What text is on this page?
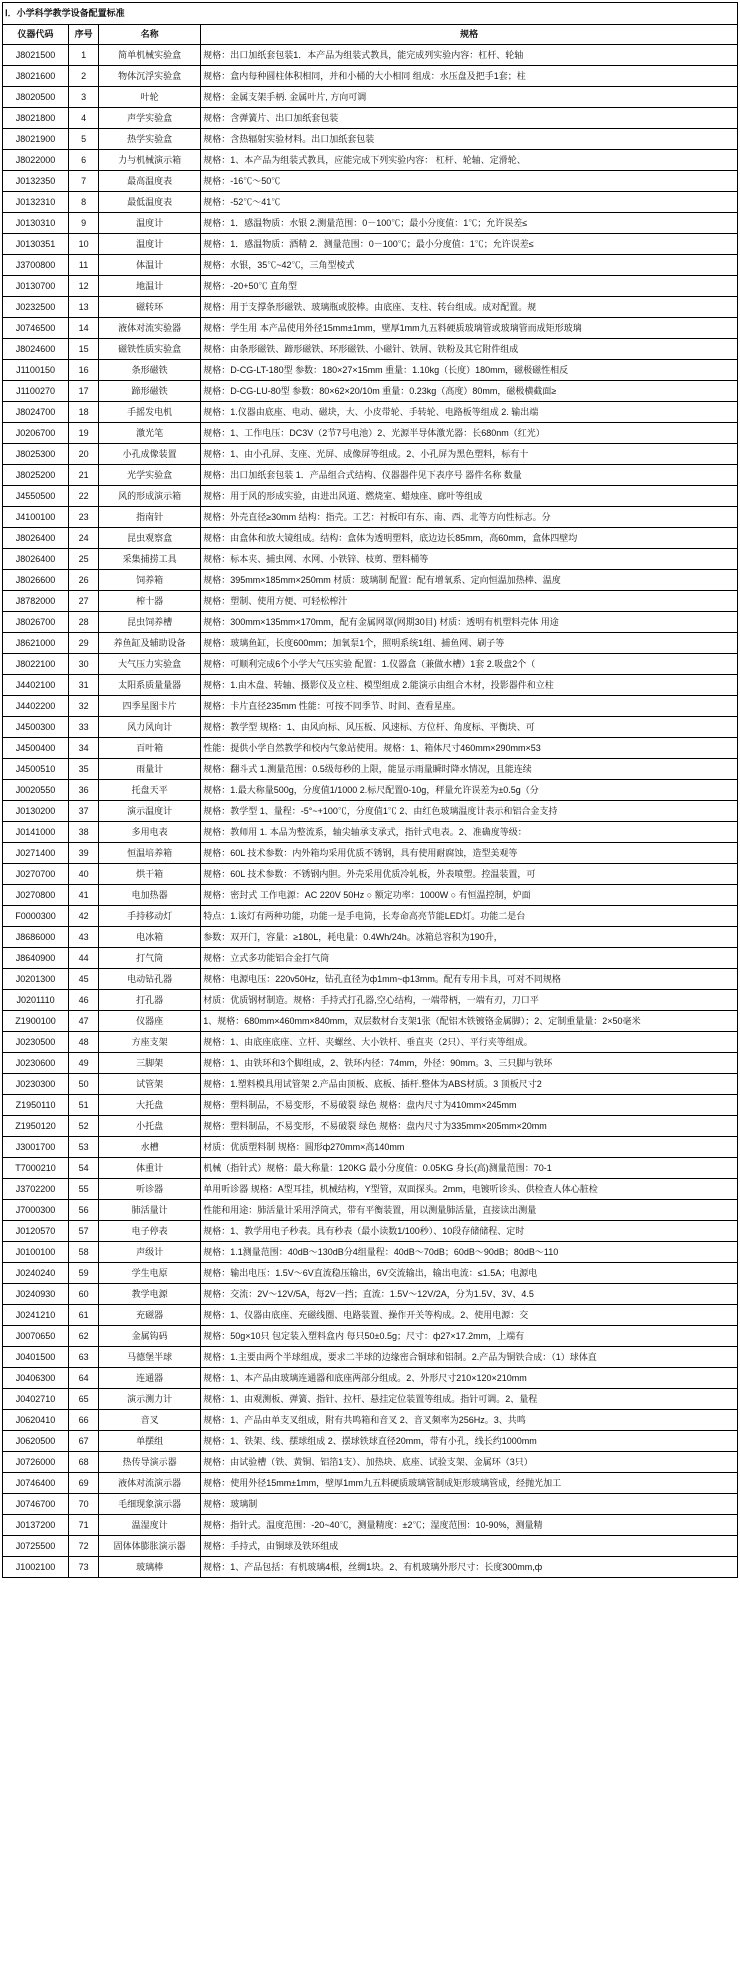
Ⅰ．小学科学教学设备配置标准			
仪器代码	序号	名称	规格
J8021500	1	简单机械实验盒	规格：出口加纸套包装1．本产品为组装式教具，能完成列实验内容：杠杆、轮轴
J8021600	2	物体沉浮实验盒	规格：盒内每种圆柱体积相同，并和小桶的大小相同 组成：水压盘及把手1套；柱
J8020500	3	叶轮	规格：金属支架手柄. 金属叶片, 方向可调
J8021800	4	声学实验盒	规格：含弹簧片、出口加纸套包装
J8021900	5	热学实验盒	规格：含热辐射实验材料。出口加纸套包装
J8022000	6	力与机械演示箱	规格：1、本产品为组装式教具，应能完成下列实验内容： 杠杆、轮轴、定滑轮、
J0132350	7	最高温度表	规格：-16℃～50℃
J0132310	8	最低温度表	规格：-52℃～41℃
J0130310	9	温度计	规格：1．感温物质：水银 2.测量范围：0－100℃；最小分度值：1℃；允许误差≤
J0130351	10	温度计	规格：1．感温物质：酒精 2．测量范围：0－100℃；最小分度值：1℃；允许误差≤
J3700800	11	体温计	规格：水银，35℃~42℃，三角型棱式
J0130700	12	地温计	规格：-20+50℃ 直角型
J0232500	13	磁转环	规格：用于支撑条形磁铁、玻璃瓶或胶棒。由底座、支柱、转台组成。成对配置。规
J0746500	14	液体对流实验器	规格：学生用 本产品使用外径15mm±1mm，壁厚1mm九五料硬质玻璃管或玻璃管而成矩形玻璃
J8024600	15	磁铁性质实验盒	规格：由条形磁铁、蹄形磁铁、环形磁铁、小磁针、铁屑、铁粉及其它附件组成
J1100150	16	条形磁铁	规格：D-CG-LT-180型 参数：180×27×15mm 重量：1.10kg（长度）180mm，磁极磁性相反
J1100270	17	蹄形磁铁	规格：D-CG-LU-80型 参数：80×62×20/10m 重量：0.23kg（高度）80mm，磁极横截面≥
J8024700	18	手摇发电机	规格：1.仪器由底座、电动、磁块，大、小皮带轮、手转轮、电路板等组成 2. 输出端
J0206700	19	激光笔	规格：1、工作电压：DC3V（2节7号电池）2、光源半导体激光器：长680nm（红光）
J8025300	20	小孔成像装置	规格：1、由小孔屏、支座、光屏、成像屏等组成。2、小孔屏为黑色塑料，标有十
J8025200	21	光学实验盒	规格：出口加纸套包装 1．产品组合式结构、仪器器件见下表序号 器件名称 数量
J4550500	22	风的形成演示箱	规格：用于风的形成实验，由进出风道、燃烧室、蜡烛座、廊叶等组成
J4100100	23	指南针	规格：外壳直径≥30mm 结构：指壳。工艺：衬板印有东、南、西、北等方向性标志。分
J8026400	24	昆虫观察盒	规格：由盒体和放大镜组成。结构：盒体为透明塑料，底边边长85mm，高60mm，盒体四壁均
J8026400	25	采集捕捞工具	规格：标本夹、捕虫网、水网、小铁锌、枝剪、塑料桶等
J8026600	26	饲养箱	规格：395mm×185mm×250mm 材质：玻璃制 配置：配有增氧系、定向恒温加热棒、温度
J8782000	27	榨十器	规格：塑制、使用方便、可轻松榨汁
J8026700	28	昆虫饲养槽	规格：300mm×135mm×170mm，配有金属网罩(网期30目) 材质：透明有机塑料壳体 用途
J8621000	29	养鱼缸及辅助设备	规格：玻璃鱼缸，长度600mm；加氧泵1个，照明系统1组、捕鱼网、刷子等
J8022100	30	大气压力实验盒	规格：可顺利完成6个小学大气压实验 配置：1.仪器盒（兼做水槽）1套 2.吸盘2个（
J4402100	31	太阳系质量量器	规格：1.由木盘、转轴、摄影仪及立柱、模型组成 2.能演示由组合木材，投影器件和立柱
J4402200	32	四季星图卡片	规格：卡片直径235mm 性能：可按不同季节、时间、查看星座。
J4500300	33	风力风向计	规格：教学型 规格：1、由风向标、风压板、风速标、方位杆、角度标、平衡块、可
J4500400	34	百叶箱	性能：提供小学自然教学和校内气象站使用。规格：1、箱体尺寸460mm×290mm×53
J4500510	35	雨量计	规格：翻斗式 1.测量范围：0.5级每秒的上限，能显示雨量瞬时降水情况，且能连续
J0020550	36	托盘天平	规格：1.最大称量500g，分度值1/1000 2.标尺配置0-10g，秤量允许误差为±0.5g（分
J0130200	37	演示温度计	规格：教学型 1、量程：-5°~+100℃，分度值1℃ 2、由红色玻璃温度计表示和铝合金支持
J0141000	38	多用电表	规格：教师用 1. 本品为整流系，轴尖轴承支承式，指针式电表。2、准确度等级：
J0271400	39	恒温培养箱	规格：60L 技术参数：内外箱均采用优质不锈钢，具有使用耐腐蚀，造型美观等
J0270700	40	烘干箱	规格：60L 技术参数：不锈钢内胆。外壳采用优质冷轧板，外表喷塑。控温装置，可
J0270800	41	电加热器	规格：密封式 工作电源：AC 220V 50Hz ○ 额定功率：1000W ○ 有恒温控制，炉面
F0000300	42	手持移动灯	特点：1.该灯有两种功能，功能一是手电筒，长寿命高亮节能LED灯。功能二是台
J8686000	43	电冰箱	参数：双开门，容量：≥180L，耗电量：0.4Wh/24h。冰箱总容积为190升，
J8640900	44	打气筒	规格：立式多功能铝合金打气筒
J0201300	45	电动钻孔器	规格：电源电压：220v50Hz，钻孔直径为ф1mm~ф13mm。配有专用卡具，可对不同规格
J0201110	46	打孔器	材质：优质钢材制造。规格：手持式打孔器,空心结构，一端带柄，一端有刃，刀口平
Z1900100	47	仪器座	1、规格：680mm×460mm×840mm，双层数材台支架1张（配铝木铁镀铬金属脚）；2、定制重量量：2×50毫米
J0230500	48	方座支架	规格：1、由底座底座、立杆、夹螺丝、大小铁杆、垂直夹（2只）、平行夹等组成。
J0230600	49	三脚架	规格：1、由铁环和3个脚组成，2、铁环内径：74mm，外径：90mm。3、三只脚与铁环
J0230300	50	试管架	规格：1.塑料模具用试管架 2.产品由顶板、底板、插杆.整体为ABS材质。3 顶板尺寸2
Z1950110	51	大托盘	规格：塑料制品，不易变形，不易破裂 绿色 规格：盘内尺寸为410mm×245mm
Z1950120	52	小托盘	规格：塑料制品，不易变形，不易破裂 绿色 规格：盘内尺寸为335mm×205mm×20mm
J3001700	53	水槽	材质：优质塑料制 规格：圆形ф270mm×高140mm
T7000210	54	体重计	机械（指针式）规格：最大称量：120KG 最小分度值：0.05KG 身长(高)测量范围：70-1
J3702200	55	听诊器	单用听诊器 规格：A型耳挂，机械结构，Y型管，双面探头。2mm，电镀听诊头、供检查人体心脏检
J7000300	56	肺活量计	性能和用途：肺活量计采用浮筒式，带有平衡装置，用以测量肺活量，直接读出测量
J0120570	57	电子停表	规格：1、教学用电子秒表。具有秒表（最小读数1/100秒）、10段存储储程、定时
J0100100	58	声级计	规格：1.1测量范围：40dB～130dB分4组量程：40dB～70dB；60dB～90dB；80dB～110
J0240240	59	学生电原	规格：输出电压：1.5V～6V直流稳压输出，6V交流输出，输出电流：≤1.5A；电源电
J0240930	60	教学电源	规格：交流：2V～12V/5A，每2V一挡；直流：1.5V～12V/2A，分为1.5V、3V、4.5
J0241210	61	充磁器	规格：1、仪器由底座、充磁线圈、电路装置、操作开关等构成。2、使用电源：交
J0070650	62	金属钩码	规格：50g×10只 包定装入塑料盒内 每只50±0.5g；尺寸：ф27×17.2mm，上端有
J0401500	63	马德堡半球	规格：1.主要由两个半球组成，要求二半球的边缘密合铜球和铝制。2.产品为铜铁合成：（1）球体直
J0406300	64	连通器	规格：1、本产品由玻璃连通器和底座两部分组成。2、外形尺寸210×120×210mm
J0402710	65	演示测力计	规格：1、由观测板、弹簧、指针、拉杆、悬挂定位装置等组成。指针可调。2、量程
J0620410	66	音叉	规格：1、产品由单支叉组成，附有共鸣箱和音叉 2、音叉频率为256Hz。3、共鸣
J0620500	67	单摆组	规格：1、铁架、线、摆球组成 2、摆球铁球直径20mm，带有小孔，线长约1000mm
J0726000	68	热传导演示器	规格：由试验槽（铁、黄铜、铝箔1支）、加热块、底座、试验支架、金属环（3只）
J0746400	69	液体对流演示器	规格：使用外径15mm±1mm，壁厚1mm九五料硬质玻璃管制成矩形玻璃管成，经抛光加工
J0746700	70	毛细现象演示器	规格：玻璃制
J0137200	71	温湿度计	规格：指针式。温度范围：-20~40℃，测量精度：±2℃；湿度范围：10-90%，测量精
J0725500	72	固体体膨胀演示器	规格：手持式，由铜球及铁环组成
J1002100	73	玻璃棒	规格：1、产品包括：有机玻璃4根，丝绸1块。2、有机玻璃外形尺寸：长度300mm,ф
